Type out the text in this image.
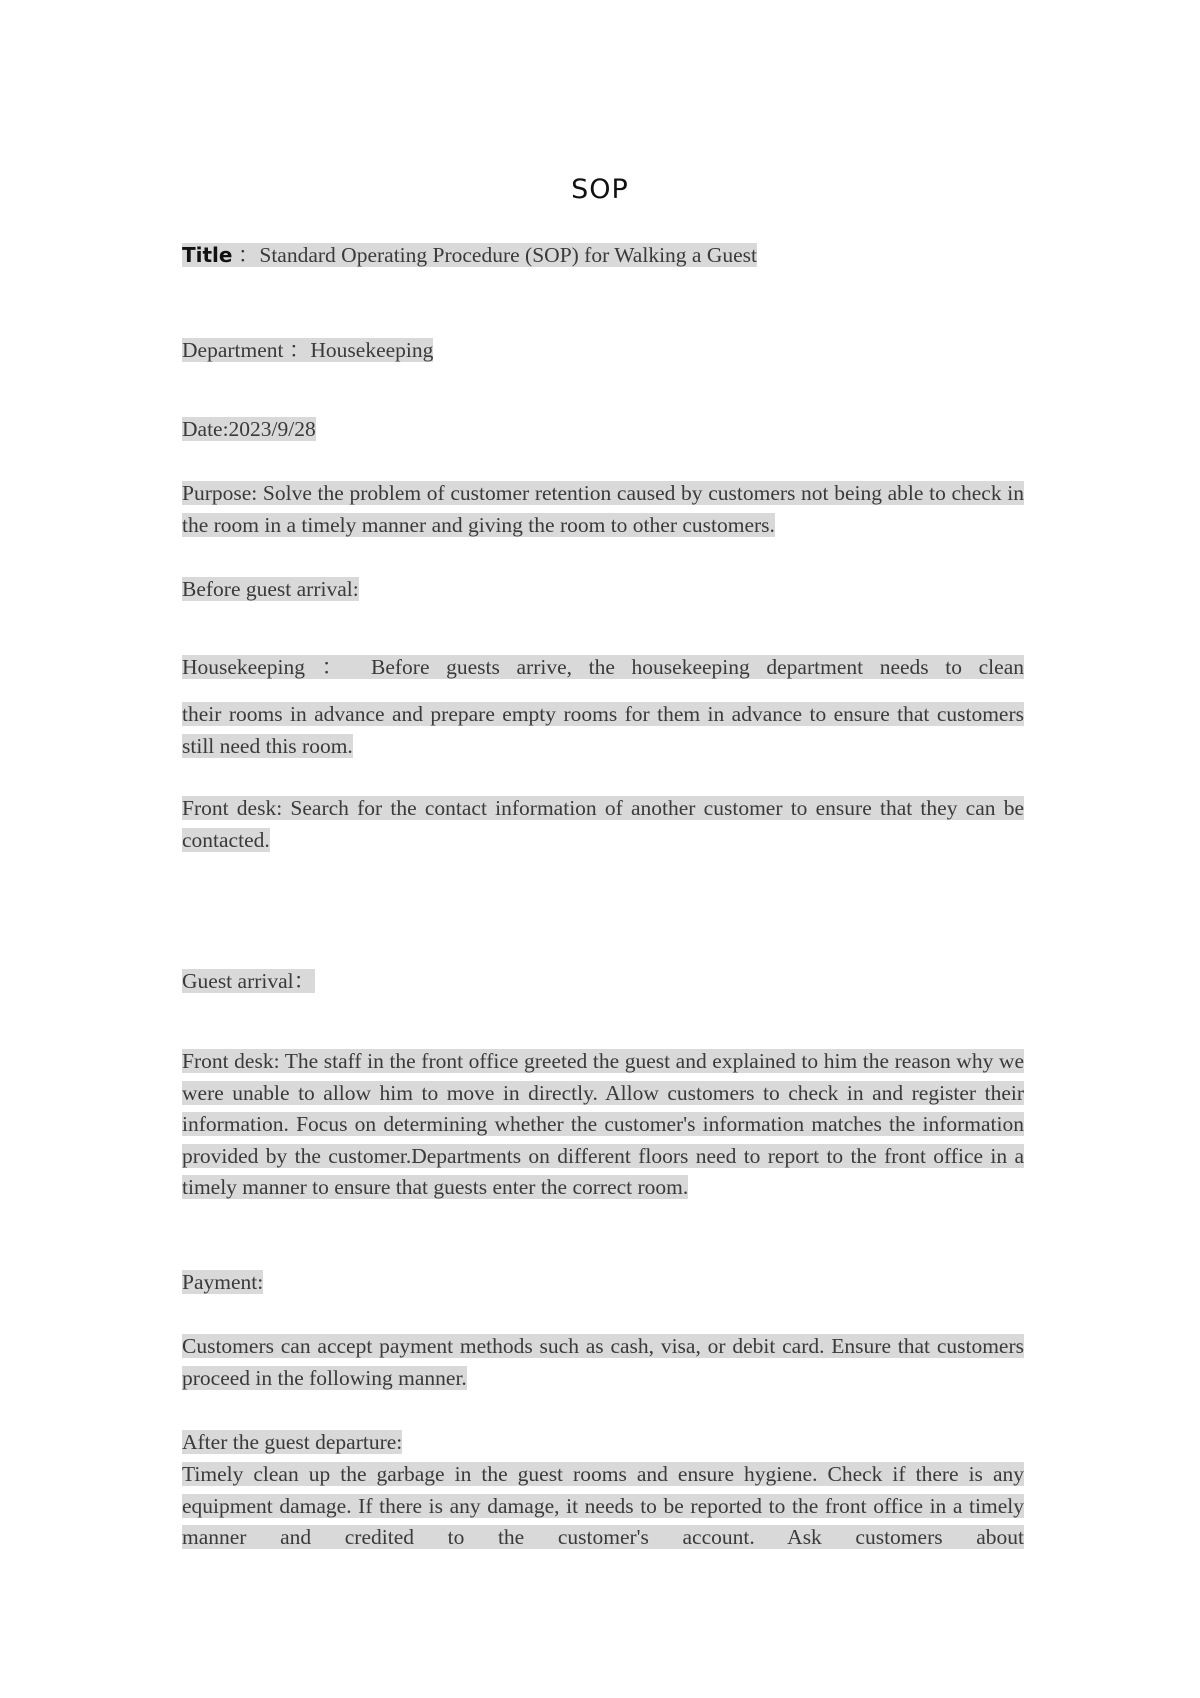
SOP
Title ：Standard Operating Procedure (SOP) for Walking a Guest
Department ：Housekeeping
Date:2023/9/28
Purpose: Solve the problem of customer retention caused by customers not being able to check in the room in a timely manner and giving the room to other customers.
Before guest arrival:
Housekeeping ： Before guests arrive, the housekeeping department needs to clean
their rooms in advance and prepare empty rooms for them in advance to ensure that customers still need this room.
Front desk: Search for the contact information of another customer to ensure that they can be contacted.
Guest arrival：
Front desk: The staff in the front office greeted the guest and explained to him the reason why we were unable to allow him to move in directly. Allow customers to check in and register their information. Focus on determining whether the customer's information matches the information provided by the customer.Departments on different floors need to report to the front office in a timely manner to ensure that guests enter the correct room.
Payment:
Customers can accept payment methods such as cash, visa, or debit card. Ensure that customers proceed in the following manner.
After the guest departure:
Timely clean up the garbage in the guest rooms and ensure hygiene. Check if there is any equipment damage. If there is any damage, it needs to be reported to the front office in a timely manner and credited to the customer's account. Ask customers about
